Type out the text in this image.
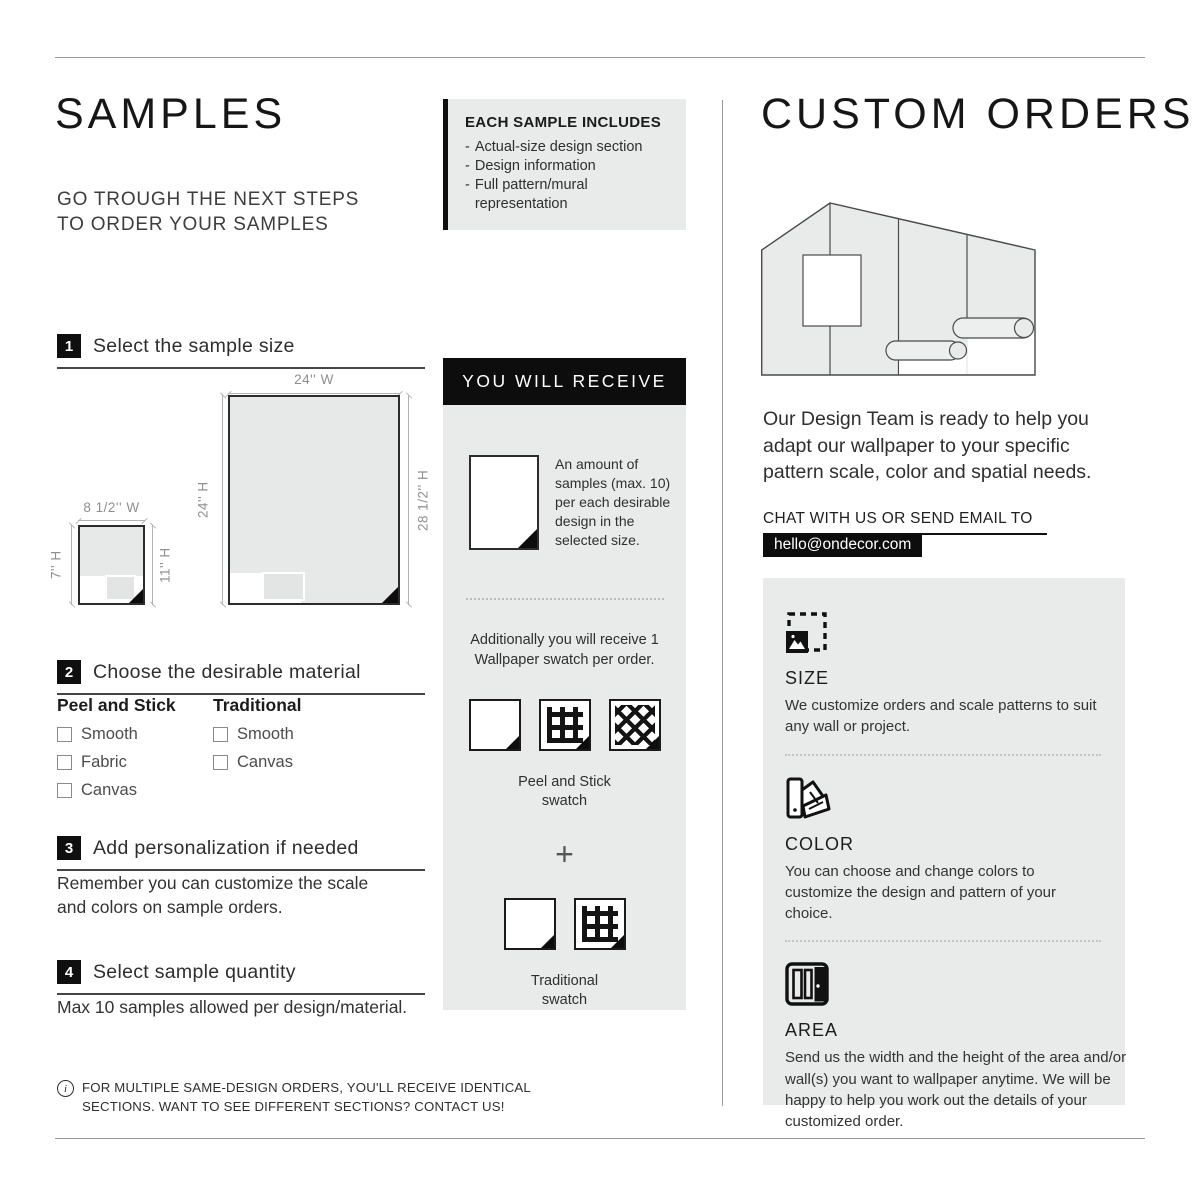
SAMPLES
GO TROUGH THE NEXT STEPS TO ORDER YOUR SAMPLES
1	Select the sample size
24'' W
24'' H	28 1/2'' H
8 1/2'' W
7'' H	11'' H
2	Choose the desirable material
Peel and Stick
Smooth
Fabric
Canvas
Traditional
Smooth
Canvas
3	Add personalization if needed
Remember you can customize the scale and colors on sample orders.
4	Select sample quantity
Max 10 samples allowed per design/material.
i	FOR MULTIPLE SAME-DESIGN ORDERS, YOU'LL RECEIVE IDENTICAL SECTIONS. WANT TO SEE DIFFERENT SECTIONS? CONTACT US!
EACH SAMPLE INCLUDES
- Actual-size design section
- Design information
- Full pattern/mural representation
YOU WILL RECEIVE
An amount of samples (max. 10) per each desirable design in the selected size.
Additionally you will receive 1 Wallpaper swatch per order.
Peel and Stick swatch
+
Traditional swatch
CUSTOM ORDERS
Our Design Team is ready to help you adapt our wallpaper to your specific pattern scale, color and spatial needs.
CHAT WITH US OR SEND EMAIL TO
hello@ondecor.com
SIZE
We customize orders and scale patterns to suit any wall or project.
COLOR
You can choose and change colors to customize the design and pattern of your choice.
AREA
Send us the width and the height of the area and/or wall(s) you want to wallpaper anytime. We will be happy to help you work out the details of your customized order.
